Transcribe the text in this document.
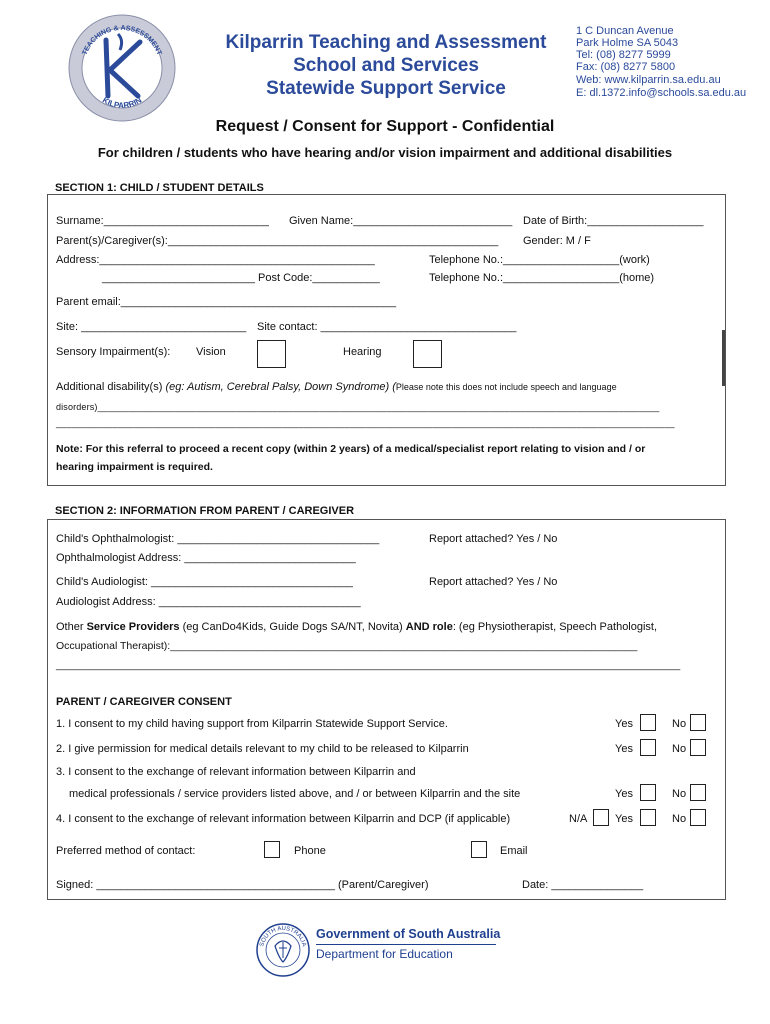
TEACHING & ASSESSMENT
KILPARRIN
Kilparrin Teaching and Assessment
School and Services
Statewide Support Service
1 C Duncan Avenue
Park Holme SA 5043
Tel: (08) 8277 5999
Fax: (08) 8277 5800
Web: www.kilparrin.sa.edu.au
E: dl.1372.info@schools.sa.edu.au
Request / Consent for Support - Confidential
For children / students who have hearing and/or vision impairment and additional disabilities
SECTION 1: CHILD / STUDENT DETAILS
Surname:___________________________ Given Name:__________________________ Date of Birth:___________________
Parent(s)/Caregiver(s):______________________________________________________ Gender: M / F
Address:_____________________________________________	Telephone No.:___________________(work)
_________________________ Post Code:___________	Telephone No.:___________________(home)
Parent email:_____________________________________________
Site: ___________________________ Site contact: ________________________________
Sensory Impairment(s): Vision	Hearing
Additional disability(s) (eg: Autism, Cerebral Palsy, Down Syndrome) (Please note this does not include speech and language
disorders)_____________________________________________________________________________________________________________
________________________________________________________________________________________________________________________
Note: For this referral to proceed a recent copy (within 2 years) of a medical/specialist report relating to vision and / or
hearing impairment is required.
SECTION 2: INFORMATION FROM PARENT / CAREGIVER
Child's Ophthalmologist: _________________________________	Report attached? Yes / No
Ophthalmologist Address: ____________________________
Child's Audiologist: _________________________________	Report attached? Yes / No
Audiologist Address: _________________________________
Other Service Providers (eg CanDo4Kids, Guide Dogs SA/NT, Novita) AND role: (eg Physiotherapist, Speech Pathologist,
Occupational Therapist):________________________________________________________________________________
__________________________________________________________________________________________________________
PARENT / CAREGIVER CONSENT
1. I consent to my child having support from Kilparrin Statewide Support Service.	Yes	No
2. I give permission for medical details relevant to my child to be released to Kilparrin	Yes	No
3. I consent to the exchange of relevant information between Kilparrin and
medical professionals / service providers listed above, and / or between Kilparrin and the site	Yes	No
4. I consent to the exchange of relevant information between Kilparrin and DCP (if applicable)	N/A	Yes	No
Preferred method of contact:	Phone	Email
Signed: _______________________________________ (Parent/Caregiver)	Date: _______________
SOUTH AUSTRALIA
Government of South Australia
Department for Education
